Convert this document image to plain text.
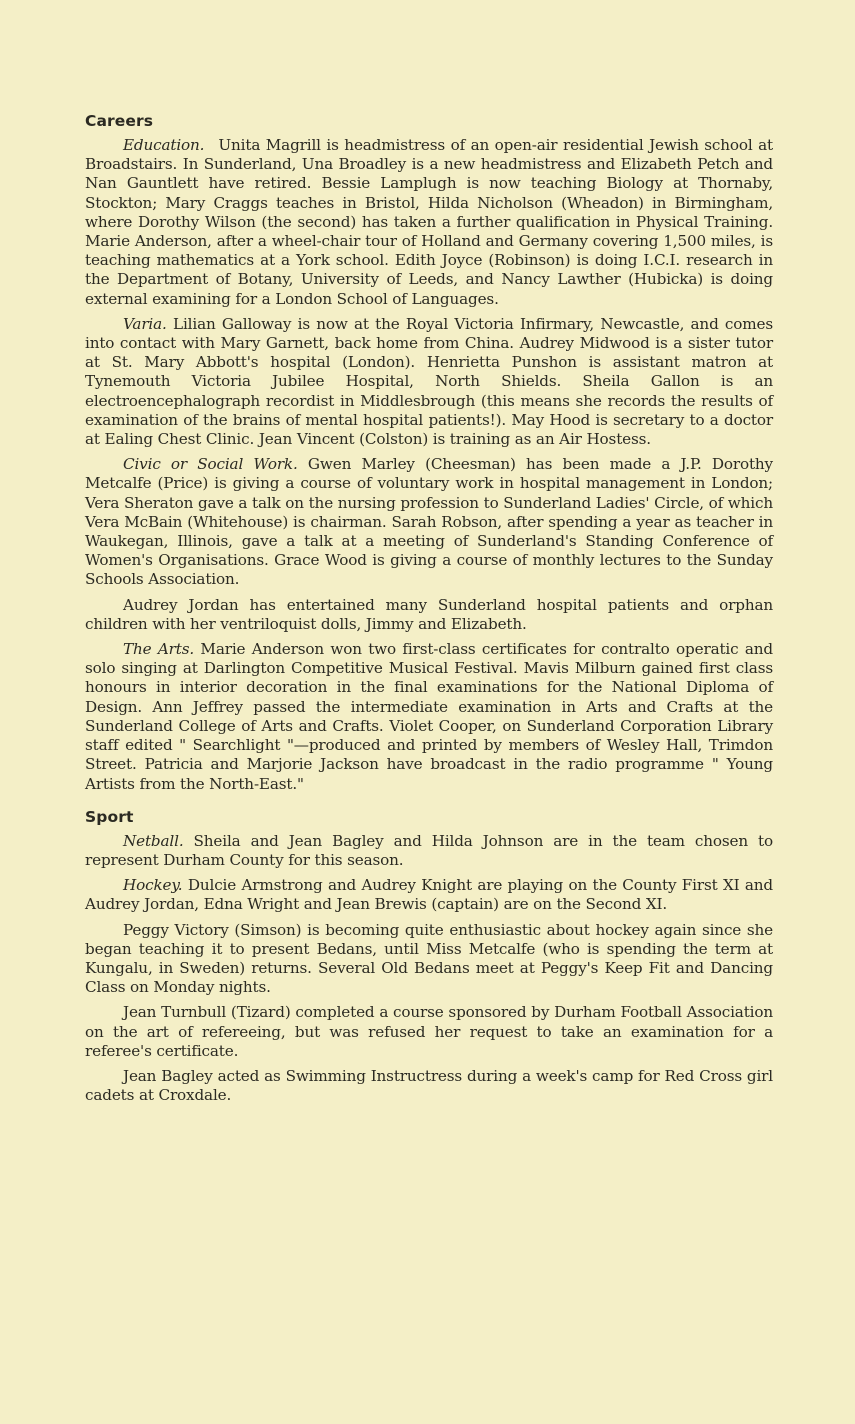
Careers

Education. Unita Magrill is headmistress of an open-air residential Jewish school at Broadstairs. In Sunderland, Una Broadley is a new headmistress and Elizabeth Petch and Nan Gauntlett have retired. Bessie Lamplugh is now teaching Biology at Thornaby, Stockton; Mary Craggs teaches in Bristol, Hilda Nicholson (Wheadon) in Birmingham, where Dorothy Wilson (the second) has taken a further qualification in Physical Training. Marie Anderson, after a wheel-chair tour of Holland and Germany covering 1,500 miles, is teaching mathematics at a York school. Edith Joyce (Robinson) is doing I.C.I. research in the Department of Botany, University of Leeds, and Nancy Lawther (Hubicka) is doing external examining for a London School of Languages.

Varia. Lilian Galloway is now at the Royal Victoria Infirmary, Newcastle, and comes into contact with Mary Garnett, back home from China. Audrey Midwood is a sister tutor at St. Mary Abbott's hospital (London). Henrietta Punshon is assistant matron at Tynemouth Victoria Jubilee Hospital, North Shields. Sheila Gallon is an electroencephalograph recordist in Middlesbrough (this means she records the results of examination of the brains of mental hospital patients!). May Hood is secretary to a doctor at Ealing Chest Clinic. Jean Vincent (Colston) is training as an Air Hostess.

Civic or Social Work. Gwen Marley (Cheesman) has been made a J.P. Dorothy Metcalfe (Price) is giving a course of voluntary work in hospital management in London; Vera Sheraton gave a talk on the nursing profession to Sunderland Ladies' Circle, of which Vera McBain (Whitehouse) is chairman. Sarah Robson, after spending a year as teacher in Waukegan, Illinois, gave a talk at a meeting of Sunderland's Standing Conference of Women's Organisations. Grace Wood is giving a course of monthly lectures to the Sunday Schools Association.

Audrey Jordan has entertained many Sunderland hospital patients and orphan children with her ventriloquist dolls, Jimmy and Elizabeth.

The Arts. Marie Anderson won two first-class certificates for contralto operatic and solo singing at Darlington Competitive Musical Festival. Mavis Milburn gained first class honours in interior decoration in the final examinations for the National Diploma of Design. Ann Jeffrey passed the intermediate examination in Arts and Crafts at the Sunderland College of Arts and Crafts. Violet Cooper, on Sunderland Corporation Library staff edited " Searchlight "—produced and printed by members of Wesley Hall, Trimdon Street. Patricia and Marjorie Jackson have broadcast in the radio programme " Young Artists from the North-East."

Sport

Netball. Sheila and Jean Bagley and Hilda Johnson are in the team chosen to represent Durham County for this season.

Hockey. Dulcie Armstrong and Audrey Knight are playing on the County First XI and Audrey Jordan, Edna Wright and Jean Brewis (captain) are on the Second XI.

Peggy Victory (Simson) is becoming quite enthusiastic about hockey again since she began teaching it to present Bedans, until Miss Metcalfe (who is spending the term at Kungalu, in Sweden) returns. Several Old Bedans meet at Peggy's Keep Fit and Dancing Class on Monday nights.

Jean Turnbull (Tizard) completed a course sponsored by Durham Football Association on the art of refereeing, but was refused her request to take an examination for a referee's certificate.

Jean Bagley acted as Swimming Instructress during a week's camp for Red Cross girl cadets at Croxdale.
